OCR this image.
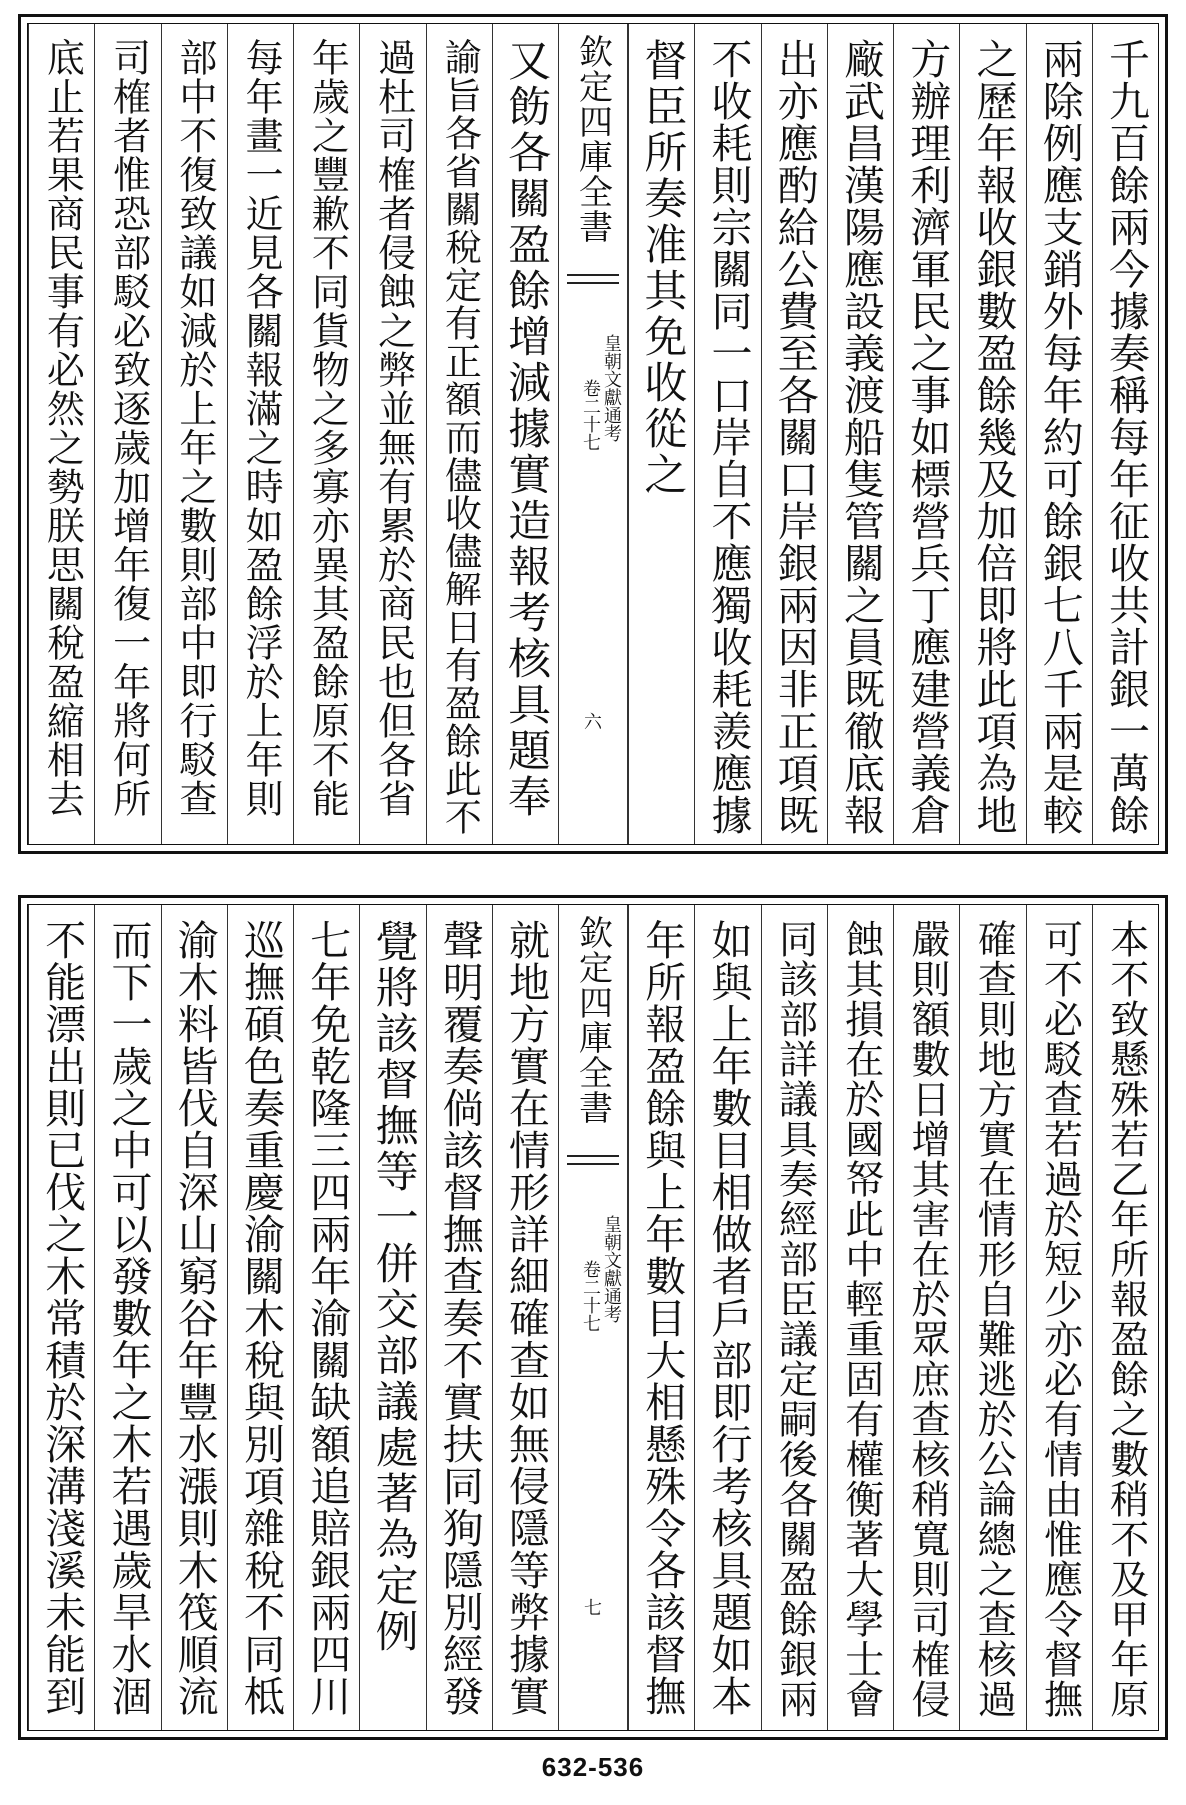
千九百餘兩今據奏稱每年征收共計銀一萬餘
兩除例應支銷外每年約可餘銀七八千兩是較
之歷年報收銀數盈餘幾及加倍即將此項為地
方辦理利濟軍民之事如標營兵丁應建營義倉
廠武昌漢陽應設義渡船隻管關之員既徹底報
出亦應酌給公費至各關口岸銀兩因非正項既
不收耗則宗關同一口岸自不應獨收耗羨應據
督臣所奏准其免收從之
又飭各關盈餘增減據實造報考核具題奉
諭旨各省關稅定有正額而儘收儘解日有盈餘此不
過杜司榷者侵蝕之弊並無有累於商民也但各省
年歲之豐歉不同貨物之多寡亦異其盈餘原不能
每年畫一近見各關報滿之時如盈餘浮於上年則
部中不復致議如減於上年之數則部中即行駁查
司榷者惟恐部駁必致逐歲加增年復一年將何所
底止若果商民事有必然之勢朕思關稅盈縮相去	欽定四庫全書
皇朝文獻通考
卷二十七
六
本不致懸殊若乙年所報盈餘之數稍不及甲年原
可不必駁查若過於短少亦必有情由惟應令督撫
確查則地方實在情形自難逃於公論總之查核過
嚴則額數日增其害在於眾庶查核稍寬則司榷侵
蝕其損在於國帑此中輕重固有權衡著大學士會
同該部詳議具奏經部臣議定嗣後各關盈餘銀兩
如與上年數目相做者戶部即行考核具題如本
年所報盈餘與上年數目大相懸殊令各該督撫
就地方實在情形詳細確查如無侵隱等弊據實
聲明覆奏倘該督撫查奏不實扶同狥隱別經發
覺將該督撫等一併交部議處著為定例
七年免乾隆三四兩年渝關缺額追賠銀兩四川
巡撫碩色奏重慶渝關木稅與別項雜稅不同柢
渝木料皆伐自深山窮谷年豐水漲則木筏順流
而下一歲之中可以發數年之木若遇歲旱水涸
不能漂出則已伐之木常積於深溝淺溪未能到	欽定四庫全書
皇朝文獻通考
卷二十七
七
632-536
